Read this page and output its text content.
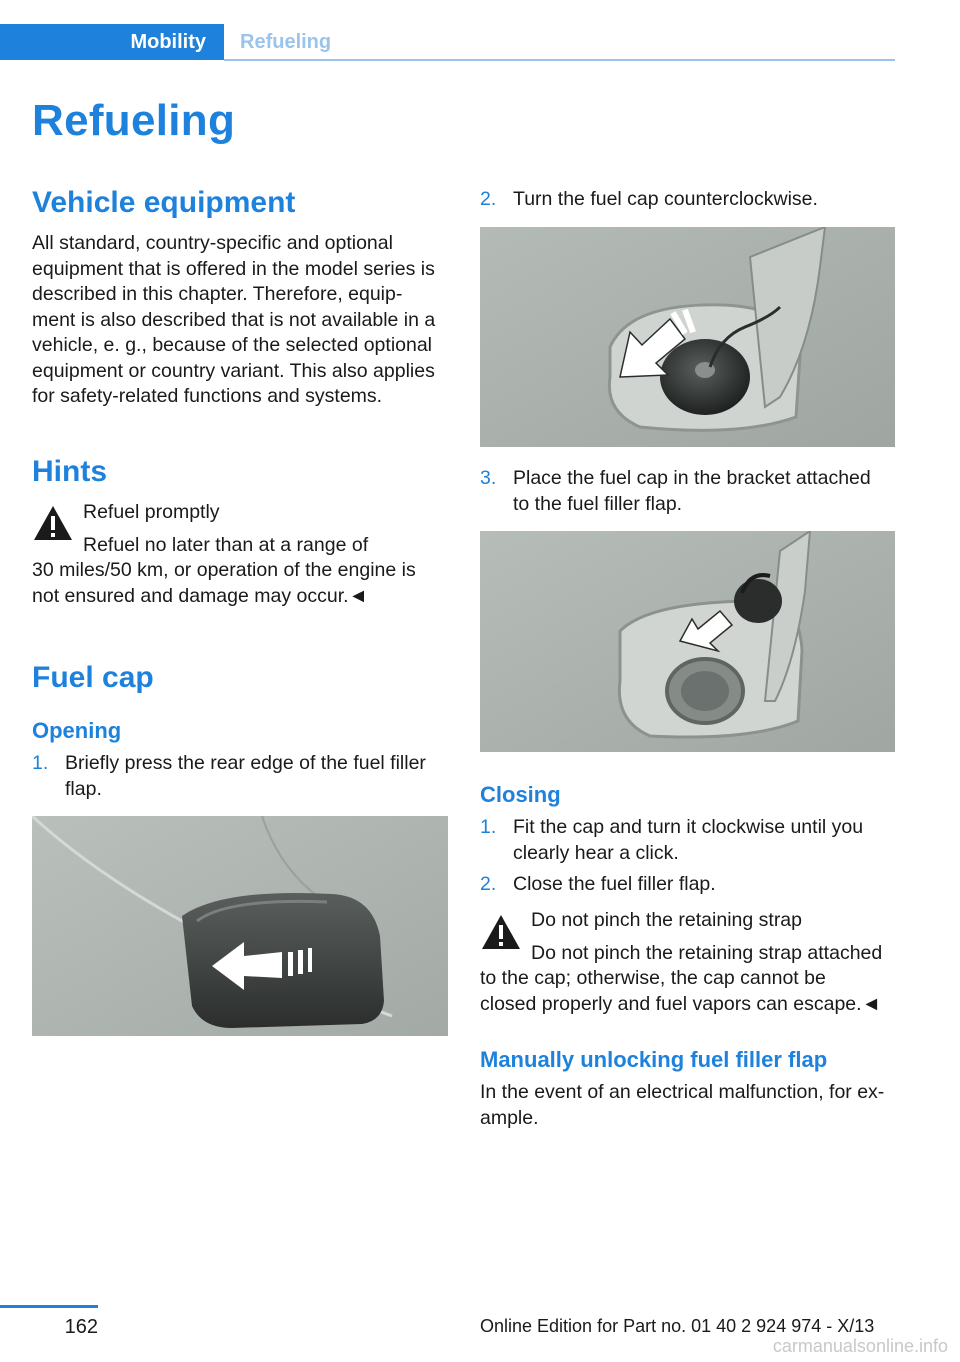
Mobility	Refueling
Refueling
Vehicle equipment
All standard, country-specific and optional
equipment that is offered in the model series is
described in this chapter. Therefore, equip-
ment is also described that is not available in a
vehicle, e. g., because of the selected optional
equipment or country variant. This also applies
for safety-related functions and systems.
Hints
Refuel promptly
Refuel no later than at a range of
30 miles/50 km, or operation of the engine is
not ensured and damage may occur.◄
Fuel cap
Opening
1. Briefly press the rear edge of the fuel filler
flap.
2. Turn the fuel cap counterclockwise.
3. Place the fuel cap in the bracket attached
to the fuel filler flap.
Closing
1. Fit the cap and turn it clockwise until you
clearly hear a click.
2. Close the fuel filler flap.
Do not pinch the retaining strap
Do not pinch the retaining strap attached
to the cap; otherwise, the cap cannot be
closed properly and fuel vapors can escape.◄
Manually unlocking fuel filler flap
In the event of an electrical malfunction, for ex-
ample.
162	Online Edition for Part no. 01 40 2 924 974 - X/13
carmanualsonline.info
